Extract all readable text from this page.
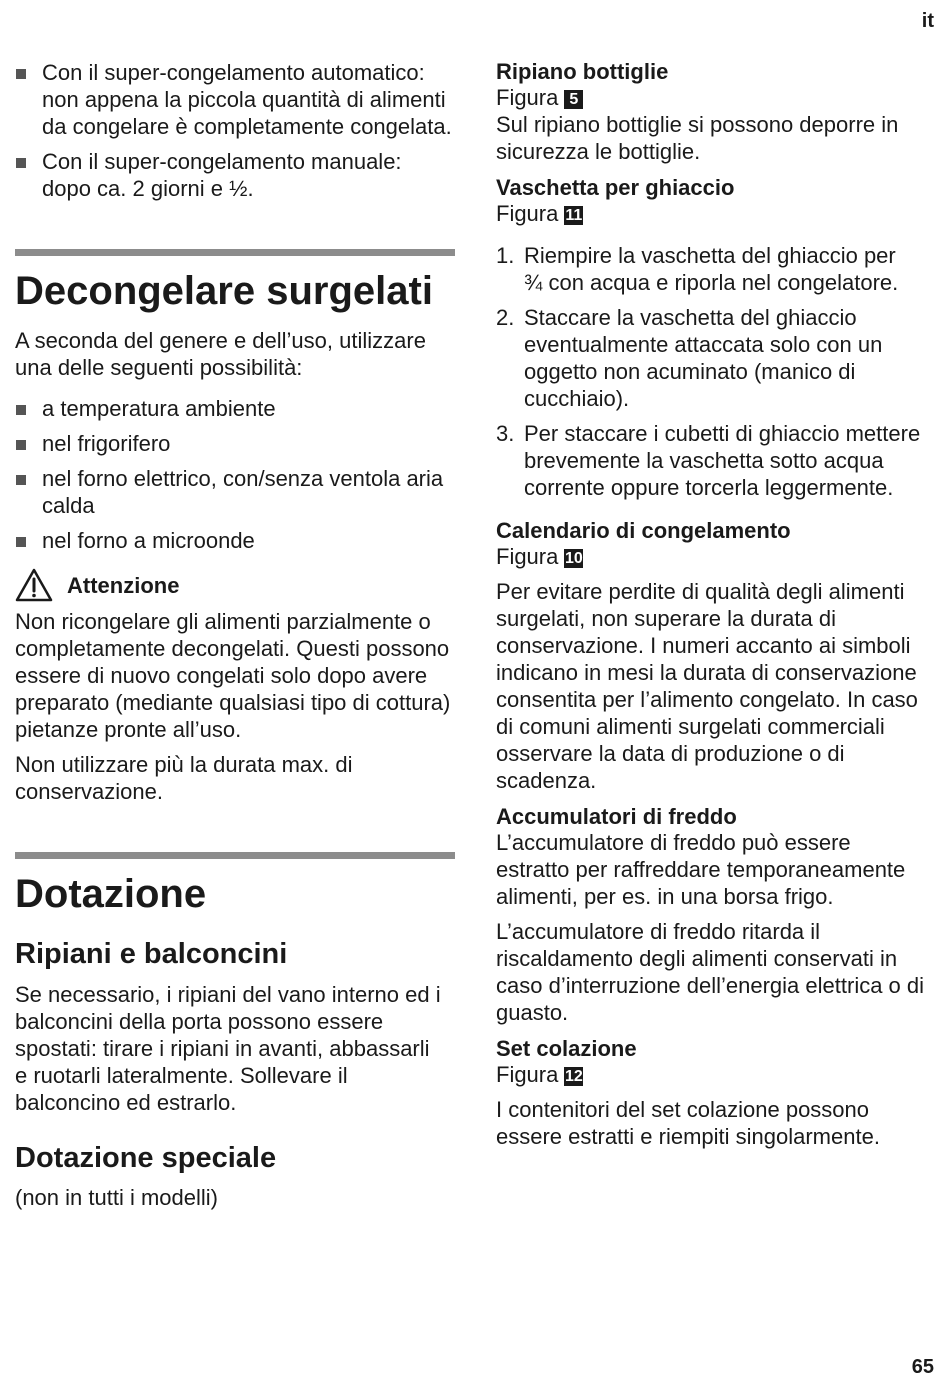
it
Con il super-congelamento automatico: non appena la piccola quantità di alimenti da congelare è completamente congelata.
Con il super-congelamento manuale: dopo ca. 2 giorni e ½.
Decongelare surgelati

A seconda del genere e dell’uso, utilizzare una delle seguenti possibilità:

a temperatura ambiente
nel frigorifero
nel forno elettrico, con/senza ventola aria calda
nel forno a microonde
Attenzione

Non ricongelare gli alimenti parzialmente o completamente decongelati. Questi possono essere di nuovo congelati solo dopo avere preparato (mediante qualsiasi tipo di cottura) pietanze pronte all’uso.

Non utilizzare più la durata max. di conservazione.

Dotazione
Ripiani e balconcini

Se necessario, i ripiani del vano interno ed i balconcini della porta possono essere spostati: tirare i ripiani in avanti, abbassarli e ruotarli lateralmente. Sollevare il balconcino ed estrarlo.

Dotazione speciale

(non in tutti i modelli)

Ripiano bottiglie

Figura 5

Sul ripiano bottiglie si possono deporre in sicurezza le bottiglie.

Vaschetta per ghiaccio

Figura 11

1. Riempire la vaschetta del ghiaccio per ¾ con acqua e riporla nel congelatore.
2. Staccare la vaschetta del ghiaccio eventualmente attaccata solo con un oggetto non acuminato (manico di cucchiaio).
3. Per staccare i cubetti di ghiaccio mettere brevemente la vaschetta sotto acqua corrente oppure torcerla leggermente.
Calendario di congelamento

Figura 10

Per evitare perdite di qualità degli alimenti surgelati, non superare la durata di conservazione. I numeri accanto ai simboli indicano in mesi la durata di conservazione consentita per l’alimento congelato. In caso di comuni alimenti surgelati commerciali osservare la data di produzione o di scadenza.

Accumulatori di freddo

L’accumulatore di freddo può essere estratto per raffreddare temporaneamente alimenti, per es. in una borsa frigo.

L’accumulatore di freddo ritarda il riscaldamento degli alimenti conservati in caso d’interruzione dell’energia elettrica o di guasto.

Set colazione

Figura 12

I contenitori del set colazione possono essere estratti e riempiti singolarmente.

65
